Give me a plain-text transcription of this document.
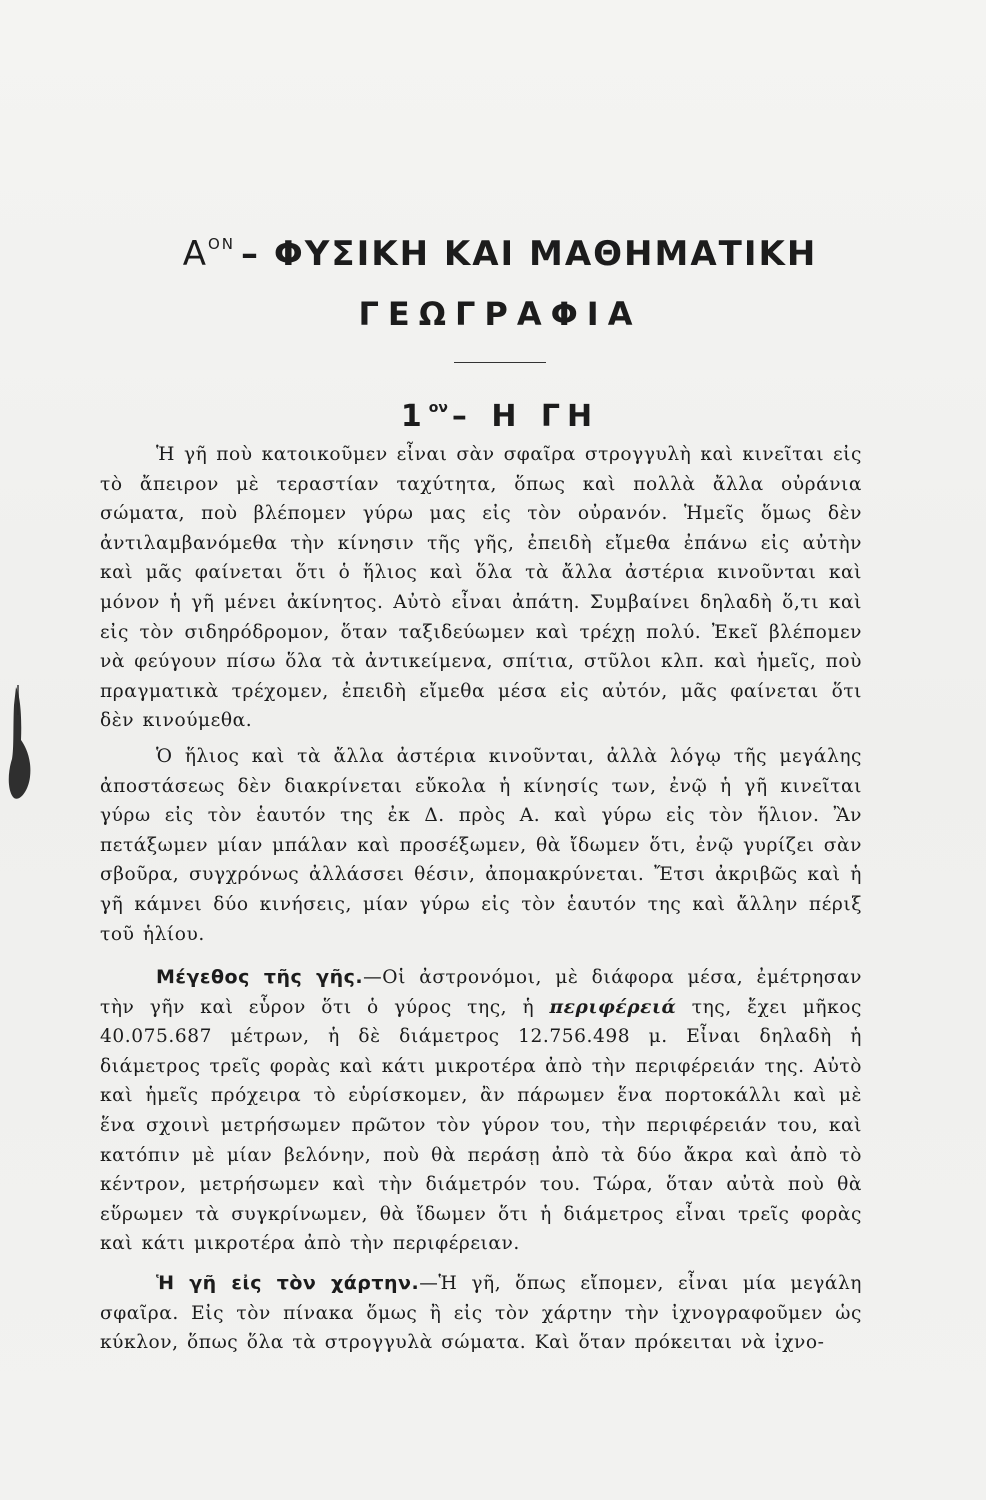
$A^{ON}$ – ΦΥΣΙΚΗ ΚΑΙ ΜΑΘΗΜΑΤΙΚΗ
ΓΕΩΓΡΑΦΙΑ
$1^{o\nu}$ – Η ΓΗ

Ἡ γῆ ποὺ κατοικοῦμεν εἶναι σὰν σφαῖρα στρογγυλὴ καὶ κινεῖται εἰς τὸ ἄπειρον μὲ τεραστίαν ταχύτητα, ὅπως καὶ πολλὰ ἄλλα οὐράνια σώματα, ποὺ βλέπομεν γύρω μας εἰς τὸν οὐρανόν. Ἡμεῖς ὅμως δὲν ἀντιλαμβανόμεθα τὴν κίνησιν τῆς γῆς, ἐπειδὴ εἴμεθα ἐπάνω εἰς αὐτὴν καὶ μᾶς φαίνεται ὅτι ὁ ἥλιος καὶ ὅλα τὰ ἄλλα ἀστέρια κινοῦνται καὶ μόνον ἡ γῆ μένει ἀκίνητος. Αὐτὸ εἶναι ἀπάτη. Συμβαίνει δηλαδὴ ὅ,τι καὶ εἰς τὸν σιδηρόδρομον, ὅταν ταξιδεύωμεν καὶ τρέχῃ πολύ. Ἐκεῖ βλέπομεν νὰ φεύγουν πίσω ὅλα τὰ ἀντικείμενα, σπίτια, στῦλοι κλπ. καὶ ἡμεῖς, ποὺ πραγματικὰ τρέχομεν, ἐπειδὴ εἴμεθα μέσα εἰς αὐτόν, μᾶς φαίνεται ὅτι δὲν κινούμεθα.

Ὁ ἥλιος καὶ τὰ ἄλλα ἀστέρια κινοῦνται, ἀλλὰ λόγῳ τῆς μεγάλης ἀποστάσεως δὲν διακρίνεται εὔκολα ἡ κίνησίς των, ἐνῷ ἡ γῆ κινεῖται γύρω εἰς τὸν ἑαυτόν της ἐκ Δ. πρὸς Α. καὶ γύρω εἰς τὸν ἥλιον. Ἂν πετάξωμεν μίαν μπάλαν καὶ προσέξωμεν, θὰ ἴδωμεν ὅτι, ἐνῷ γυρίζει σὰν σβοῦρα, συγχρόνως ἀλλάσσει θέσιν, ἀπομακρύνεται. Ἔτσι ἀκριβῶς καὶ ἡ γῆ κάμνει δύο κινήσεις, μίαν γύρω εἰς τὸν ἑαυτόν της καὶ ἄλλην πέριξ τοῦ ἡλίου.

Μέγεθος τῆς γῆς.—Οἱ ἀστρονόμοι, μὲ διάφορα μέσα, ἐμέτρησαν τὴν γῆν καὶ εὗρον ὅτι ὁ γύρος της, ἡ περιφέρειά της, ἔχει μῆκος 40.075.687 μέτρων, ἡ δὲ διάμετρος 12.756.498 μ. Εἶναι δηλαδὴ ἡ διάμετρος τρεῖς φορὰς καὶ κάτι μικροτέρα ἀπὸ τὴν περιφέρειάν της. Αὐτὸ καὶ ἡμεῖς πρόχειρα τὸ εὑρίσκομεν, ἂν πάρωμεν ἕνα πορτοκάλλι καὶ μὲ ἕνα σχοινὶ μετρήσωμεν πρῶτον τὸν γύρον του, τὴν περιφέρειάν του, καὶ κατόπιν μὲ μίαν βελόνην, ποὺ θὰ περάσῃ ἀπὸ τὰ δύο ἄκρα καὶ ἀπὸ τὸ κέντρον, μετρήσωμεν καὶ τὴν διάμετρόν του. Τώρα, ὅταν αὐτὰ ποὺ θὰ εὕρωμεν τὰ συγκρίνωμεν, θὰ ἴδωμεν ὅτι ἡ διάμετρος εἶναι τρεῖς φορὰς καὶ κάτι μικροτέρα ἀπὸ τὴν περιφέρειαν.

Ἡ γῆ εἰς τὸν χάρτην.—Ἡ γῆ, ὅπως εἴπομεν, εἶναι μία μεγάλη σφαῖρα. Εἰς τὸν πίνακα ὅμως ἢ εἰς τὸν χάρτην τὴν ἰχνογραφοῦμεν ὡς κύκλον, ὅπως ὅλα τὰ στρογγυλὰ σώματα. Καὶ ὅταν πρόκειται νὰ ἰχνο-
